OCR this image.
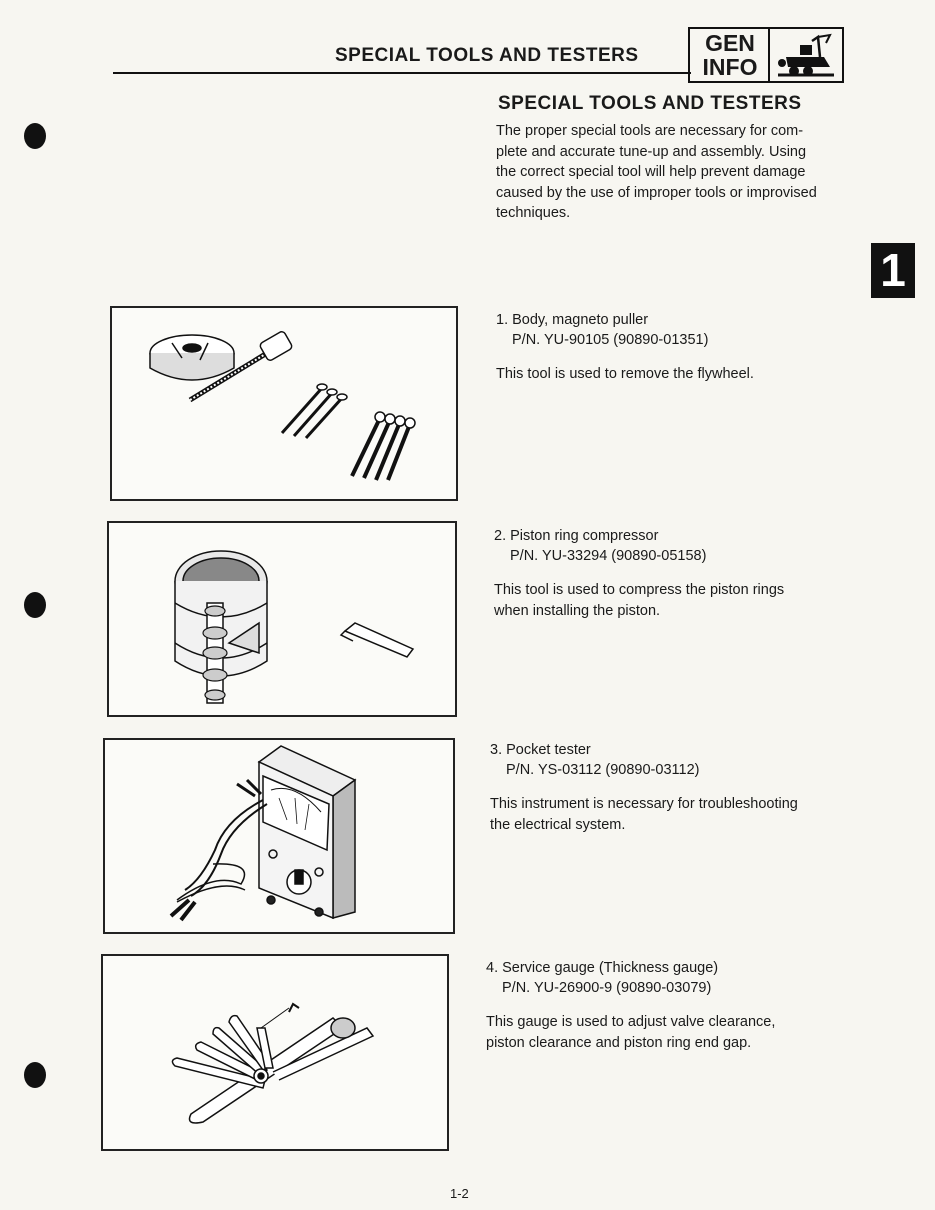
SPECIAL TOOLS AND TESTERS	GEN
INFO
SPECIAL TOOLS AND TESTERS
The proper special tools are necessary for com-
plete and accurate tune-up and assembly. Using
the correct special tool will help prevent damage
caused by the use of improper tools or improvised
techniques.
1
1. Body, magneto puller
P/N. YU-90105 (90890-01351)
This tool is used to remove the flywheel.
2. Piston ring compressor
P/N. YU-33294 (90890-05158)
This tool is used to compress the piston rings
when installing the piston.
3. Pocket tester
P/N. YS-03112 (90890-03112)
This instrument is necessary for troubleshooting
the electrical system.
4. Service gauge (Thickness gauge)
P/N. YU-26900-9 (90890-03079)
This gauge is used to adjust valve clearance,
piston clearance and piston ring end gap.
1-2
